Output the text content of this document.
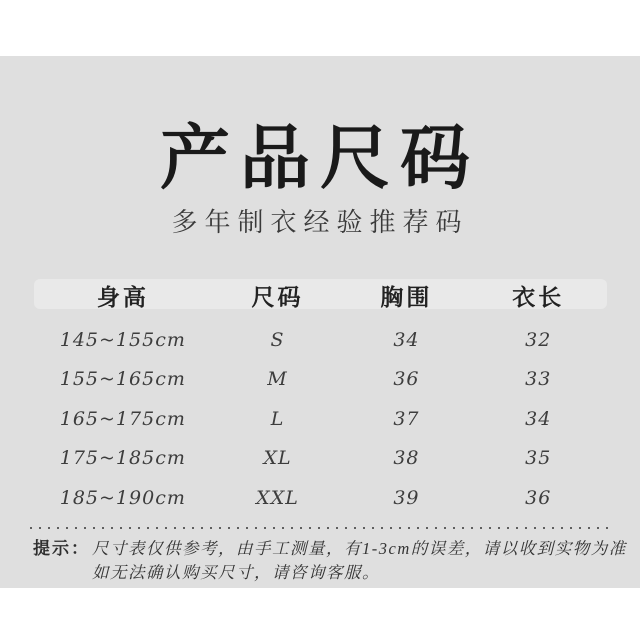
产品尺码
多年制衣经验推荐码
身高	尺码	胸围	衣长
145~155cm	S	34	32
155~165cm	M	36	33
165~175cm	L	37	34
175~185cm	XL	38	35
185~190cm	XXL	39	36
提示： 尺寸表仅供参考，由手工测量，有1-3cm的误差，请以收到实物为准
如无法确认购买尺寸，请咨询客服。
